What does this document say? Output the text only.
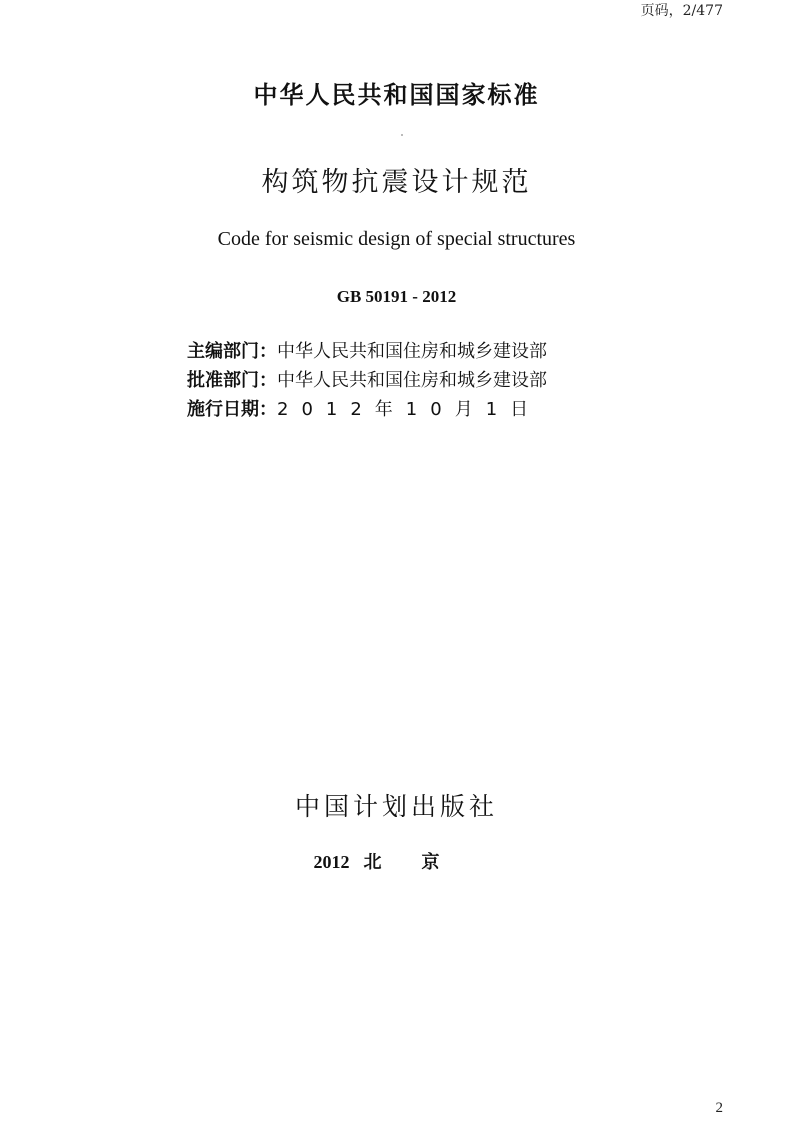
页码，2/477
中华人民共和国国家标准
构筑物抗震设计规范
Code for seismic design of special structures
GB 50191 - 2012
主编部门：中华人民共和国住房和城乡建设部
批准部门：中华人民共和国住房和城乡建设部
施行日期：2012年10月1日
中国计划出版社
2012 北京
2
